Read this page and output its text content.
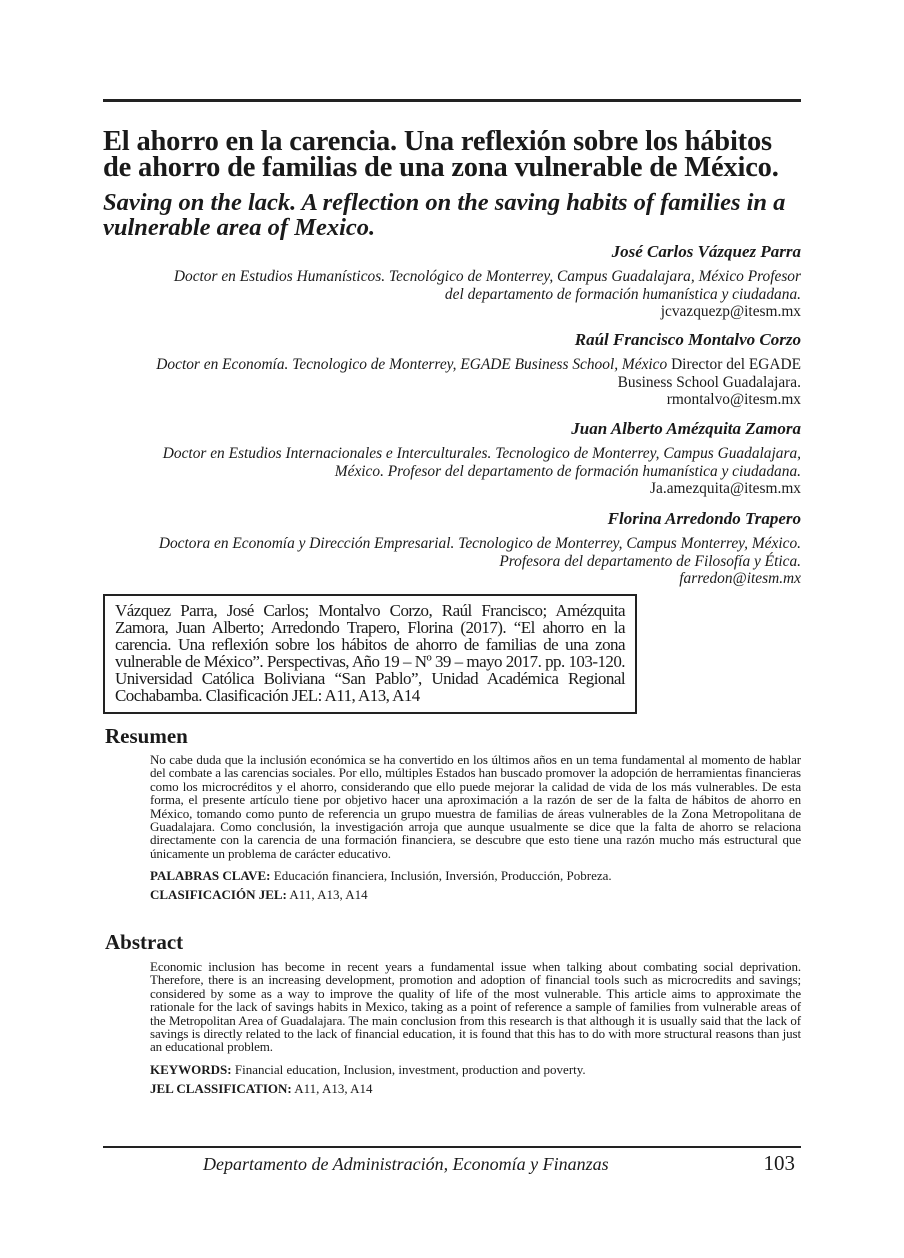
El ahorro en la carencia. Una reflexión sobre los hábitos de ahorro de familias de una zona vulnerable de México.
Saving on the lack. A reflection on the saving habits of families in a vulnerable area of Mexico.
José Carlos Vázquez Parra
Doctor en Estudios Humanísticos. Tecnológico de Monterrey, Campus Guadalajara, México Profesor
del departamento de formación humanística y ciudadana.
jcvazquezp@itesm.mx
Raúl Francisco Montalvo Corzo
Doctor en Economía. Tecnologico de Monterrey, EGADE Business School, México Director del EGADE
Business School Guadalajara.
rmontalvo@itesm.mx
Juan Alberto Amézquita Zamora
Doctor en Estudios Internacionales e Interculturales. Tecnologico de Monterrey, Campus Guadalajara,
México. Profesor del departamento de formación humanística y ciudadana.
Ja.amezquita@itesm.mx
Florina Arredondo Trapero
Doctora en Economía y Dirección Empresarial. Tecnologico de Monterrey, Campus Monterrey, México.
Profesora del departamento de Filosofía y Ética.
farredon@itesm.mx

Vázquez Parra, José Carlos; Montalvo Corzo, Raúl Francisco; Amézquita Zamora, Juan Alberto; Arredondo Trapero, Florina (2017). “El ahorro en la carencia. Una reflexión sobre los hábitos de ahorro de familias de una zona vulnerable de México”. Perspectivas, Año 19 – Nº 39 – mayo 2017. pp. 103-120. Universidad Católica Boliviana “San Pablo”, Unidad Académica Regional Cochabamba. Clasificación JEL: A11, A13, A14

Resumen

No cabe duda que la inclusión económica se ha convertido en los últimos años en un tema fundamental al momento de hablar del combate a las carencias sociales. Por ello, múltiples Estados han buscado promover la adopción de herramientas financieras como los microcréditos y el ahorro, considerando que ello puede mejorar la calidad de vida de los más vulnerables. De esta forma, el presente artículo tiene por objetivo hacer una aproximación a la razón de ser de la falta de hábitos de ahorro en México, tomando como punto de referencia un grupo muestra de familias de áreas vulnerables de la Zona Metropolitana de Guadalajara. Como conclusión, la investigación arroja que aunque usualmente se dice que la falta de ahorro se relaciona directamente con la carencia de una formación financiera, se descubre que esto tiene una razón mucho más estructural que únicamente un problema de carácter educativo.

PALABRAS CLAVE: Educación financiera, Inclusión, Inversión, Producción, Pobreza.

CLASIFICACIÓN JEL: A11, A13, A14

Abstract

Economic inclusion has become in recent years a fundamental issue when talking about combating social deprivation. Therefore, there is an increasing development, promotion and adoption of financial tools such as microcredits and savings; considered by some as a way to improve the quality of life of the most vulnerable. This article aims to approximate the rationale for the lack of savings habits in Mexico, taking as a point of reference a sample of families from vulnerable areas of the Metropolitan Area of Guadalajara. The main conclusion from this research is that although it is usually said that the lack of savings is directly related to the lack of financial education, it is found that this has to do with more structural reasons than just an educational problem.

KEYWORDS: Financial education, Inclusion, investment, production and poverty.

JEL CLASSIFICATION: A11, A13, A14

Departamento de Administración, Economía y Finanzas	103
